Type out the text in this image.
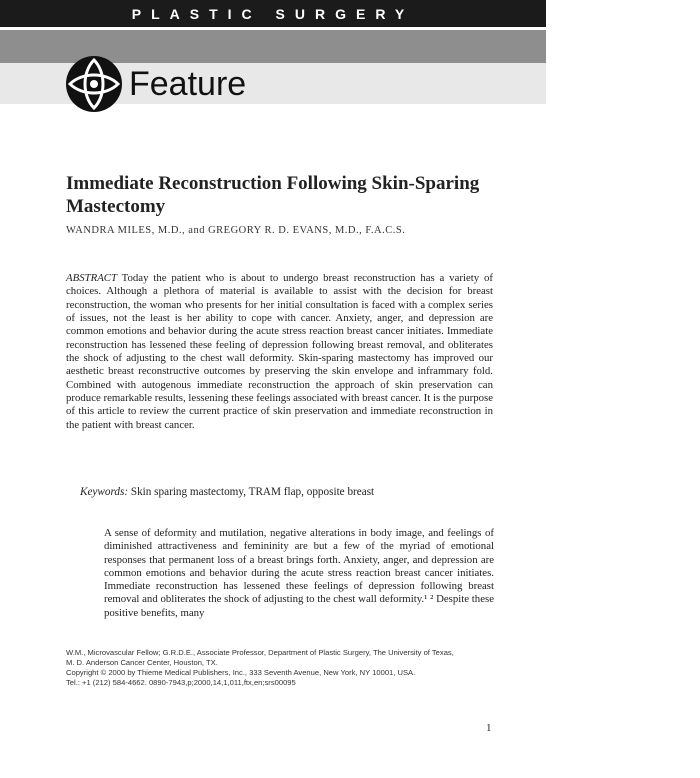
PLASTIC SURGERY
Feature
Immediate Reconstruction Following Skin-Sparing Mastectomy
WANDRA MILES, M.D., and GREGORY R. D. EVANS, M.D., F.A.C.S.
ABSTRACT Today the patient who is about to undergo breast reconstruction has a variety of choices. Although a plethora of material is available to assist with the decision for breast reconstruction, the woman who presents for her initial consultation is faced with a complex series of issues, not the least is her ability to cope with cancer. Anxiety, anger, and depression are common emotions and behavior during the acute stress reaction breast cancer initiates. Immediate reconstruction has lessened these feeling of depression following breast removal, and obliterates the shock of adjusting to the chest wall deformity. Skin-sparing mastectomy has improved our aesthetic breast reconstructive outcomes by preserving the skin envelope and inframmary fold. Combined with autogenous immediate reconstruction the approach of skin preservation can produce remarkable results, lessening these feelings associated with breast cancer. It is the purpose of this article to review the current practice of skin preservation and immediate reconstruction in the patient with breast cancer.
Keywords: Skin sparing mastectomy, TRAM flap, opposite breast
A sense of deformity and mutilation, negative alterations in body image, and feelings of diminished attractiveness and femininity are but a few of the myriad of emotional responses that permanent loss of a breast brings forth. Anxiety, anger, and depression are common emotions and behavior during the acute stress reaction breast cancer initiates. Immediate reconstruction has lessened these feelings of depression following breast removal and obliterates the shock of adjusting to the chest wall deformity.¹ ² Despite these positive benefits, many
W.M., Microvascular Fellow; G.R.D.E., Associate Professor, Department of Plastic Surgery, The University of Texas,
M. D. Anderson Cancer Center, Houston, TX.
Copyright © 2000 by Thieme Medical Publishers, Inc., 333 Seventh Avenue, New York, NY 10001, USA.
Tel.: +1 (212) 584-4662. 0890-7943,p;2000,14,1,011,ftx,en;srs00095
1
